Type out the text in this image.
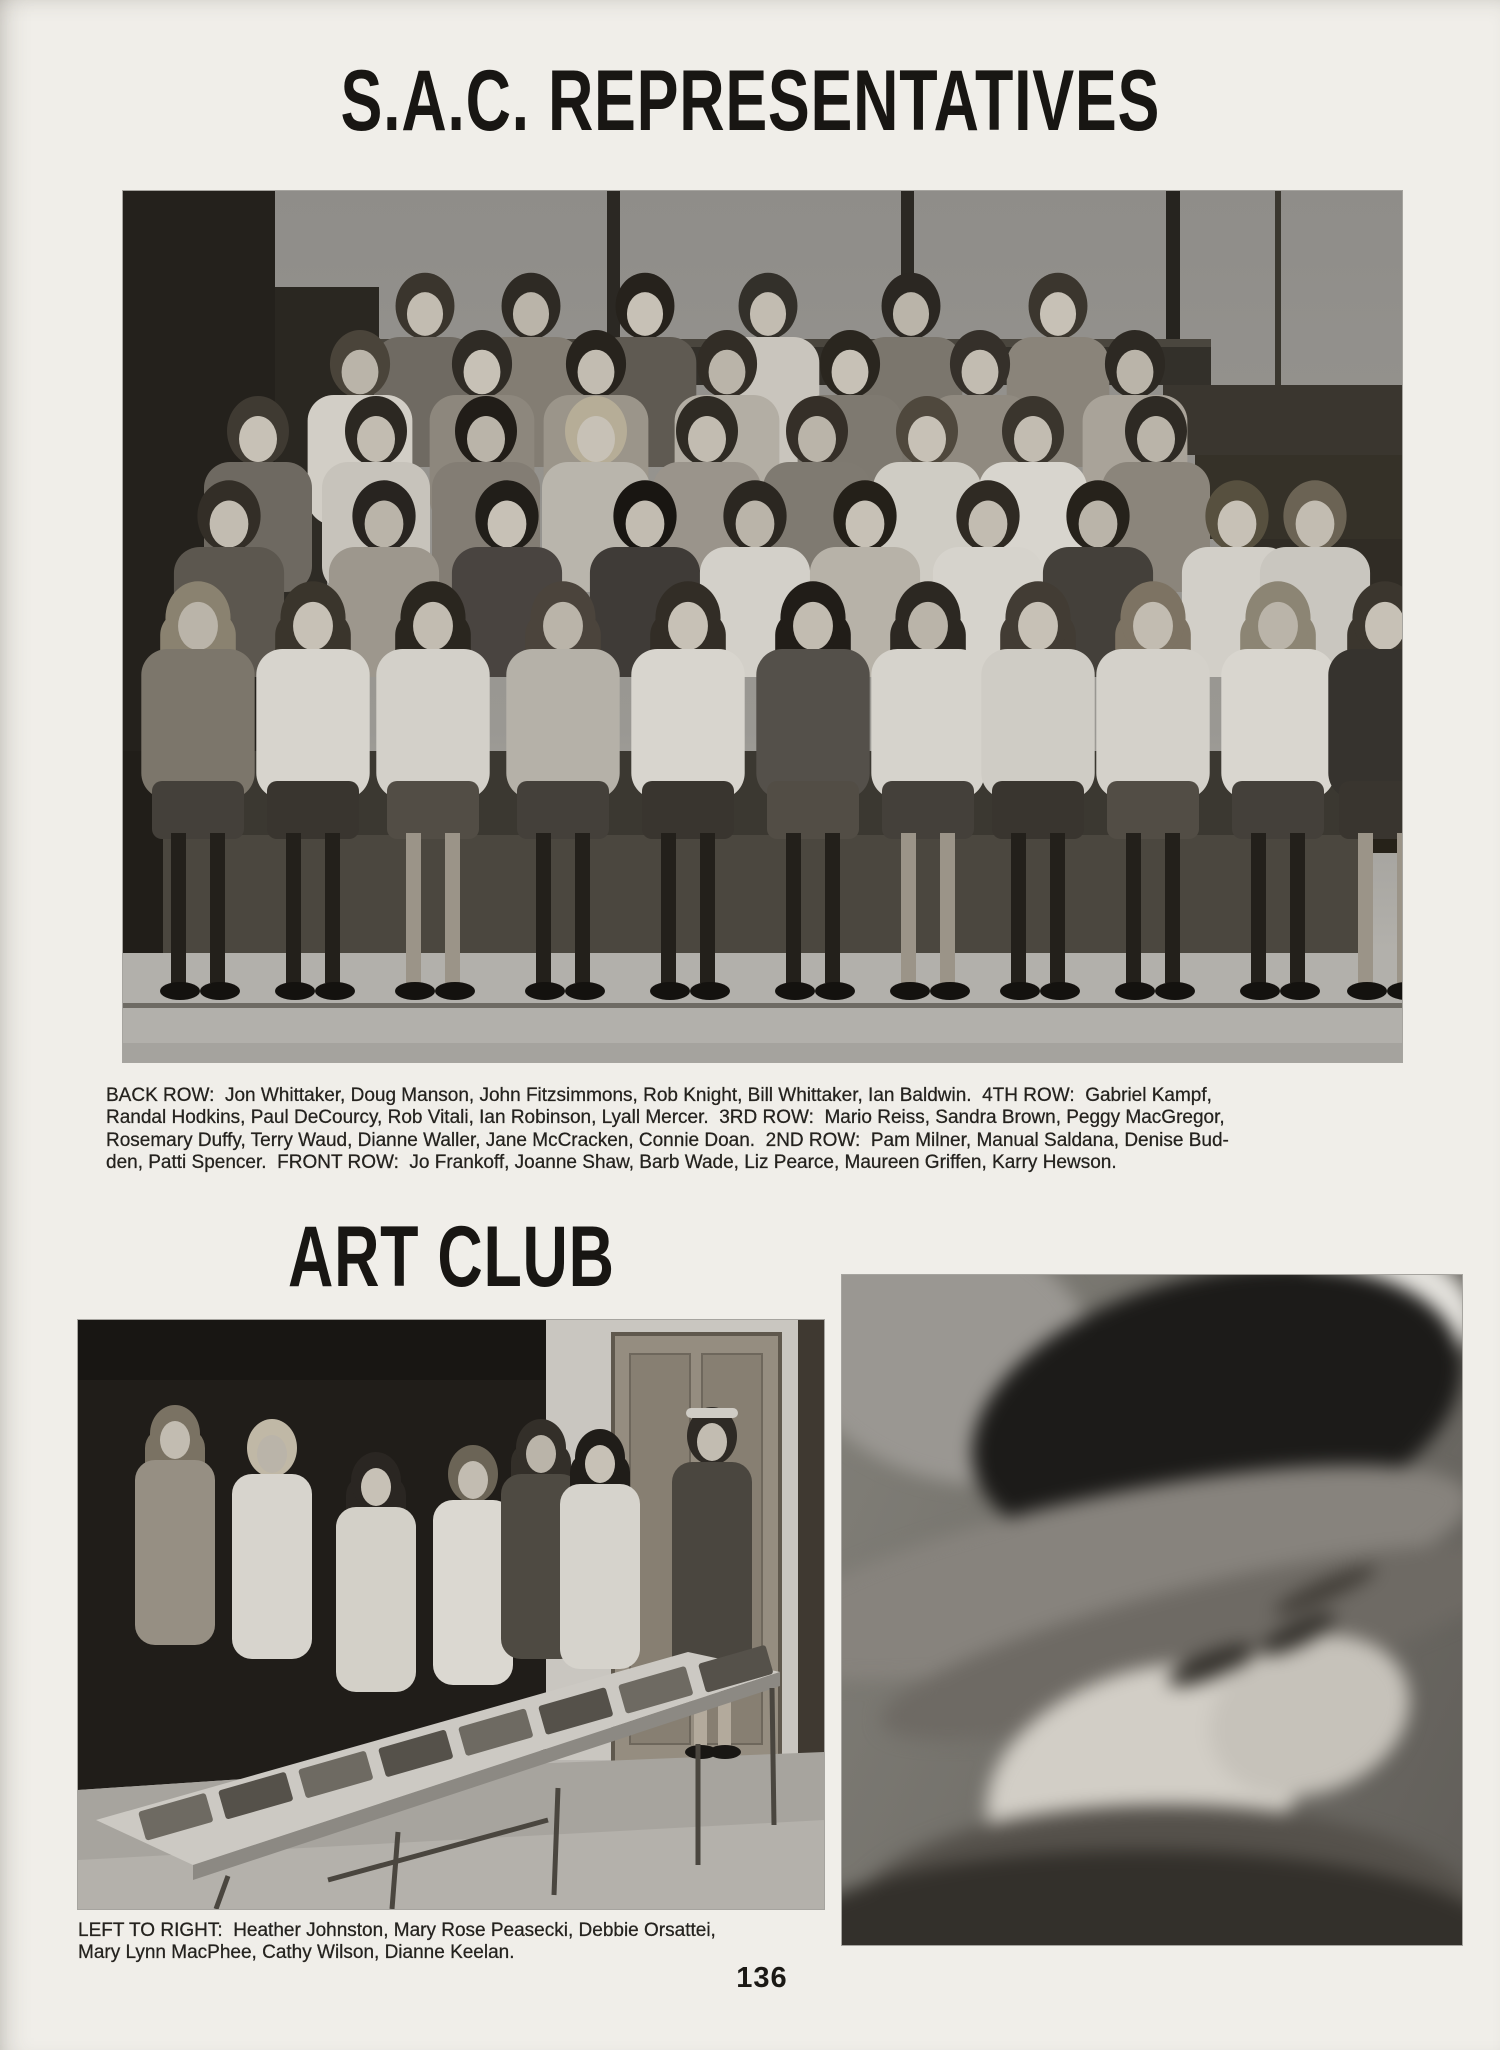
S.A.C. REPRESENTATIVES
BACK ROW:  Jon Whittaker, Doug Manson, John Fitzsimmons, Rob Knight, Bill Whittaker, Ian Baldwin.  4TH ROW:  Gabriel Kampf,
Randal Hodkins, Paul DeCourcy, Rob Vitali, Ian Robinson, Lyall Mercer.  3RD ROW:  Mario Reiss, Sandra Brown, Peggy MacGregor,
Rosemary Duffy, Terry Waud, Dianne Waller, Jane McCracken, Connie Doan.  2ND ROW:  Pam Milner, Manual Saldana, Denise Bud-
den, Patti Spencer.  FRONT ROW:  Jo Frankoff, Joanne Shaw, Barb Wade, Liz Pearce, Maureen Griffen, Karry Hewson.
ART CLUB
LEFT TO RIGHT:  Heather Johnston, Mary Rose Peasecki, Debbie Orsattei,
Mary Lynn MacPhee, Cathy Wilson, Dianne Keelan.
136
